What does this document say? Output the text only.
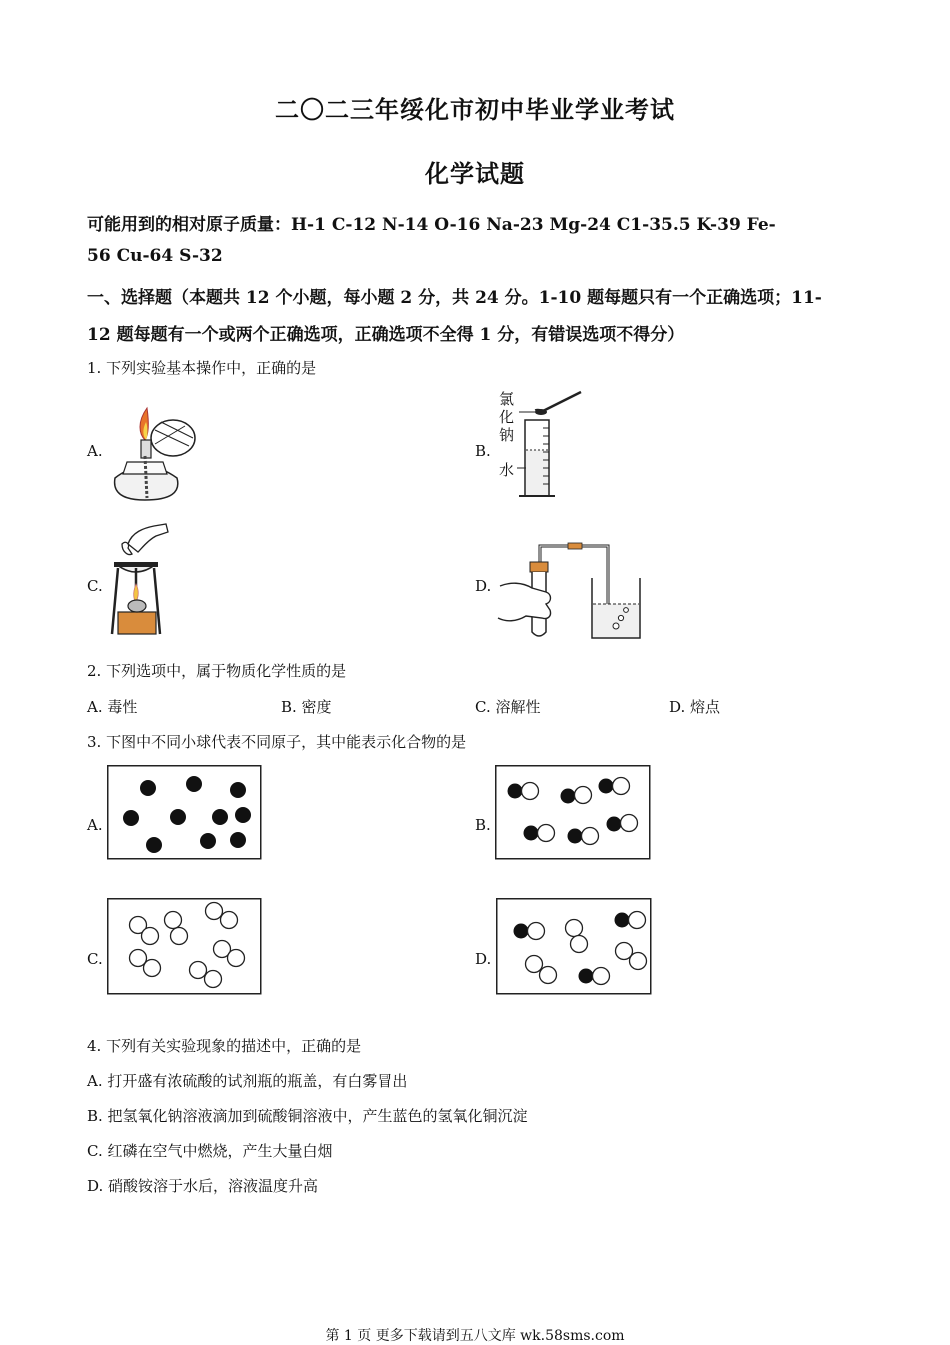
二〇二三年绥化市初中毕业学业考试
化学试题
可能用到的相对原子质量：H-1 C-12 N-14 O-16 Na-23 Mg-24 C1-35.5 K-39 Fe-
56 Cu-64 S-32
一、选择题（本题共 12 个小题，每小题 2 分，共 24 分。1-10 题每题只有一个正确选项；11-
12 题每题有一个或两个正确选项，正确选项不全得 1 分，有错误选项不得分）
1. 下列实验基本操作中，正确的是
A.	B.
氯
化
钠
水
C.	D.
2. 下列选项中，属于物质化学性质的是
A. 毒性	B. 密度	C. 溶解性	D. 熔点
3. 下图中不同小球代表不同原子，其中能表示化合物的是
A.	B.
C.	D.
4. 下列有关实验现象的描述中，正确的是
A. 打开盛有浓硫酸的试剂瓶的瓶盖，有白雾冒出
B. 把氢氧化钠溶液滴加到硫酸铜溶液中，产生蓝色的氢氧化铜沉淀
C. 红磷在空气中燃烧，产生大量白烟
D. 硝酸铵溶于水后，溶液温度升高
第 1 页 更多下载请到五八文库 wk.58sms.com
